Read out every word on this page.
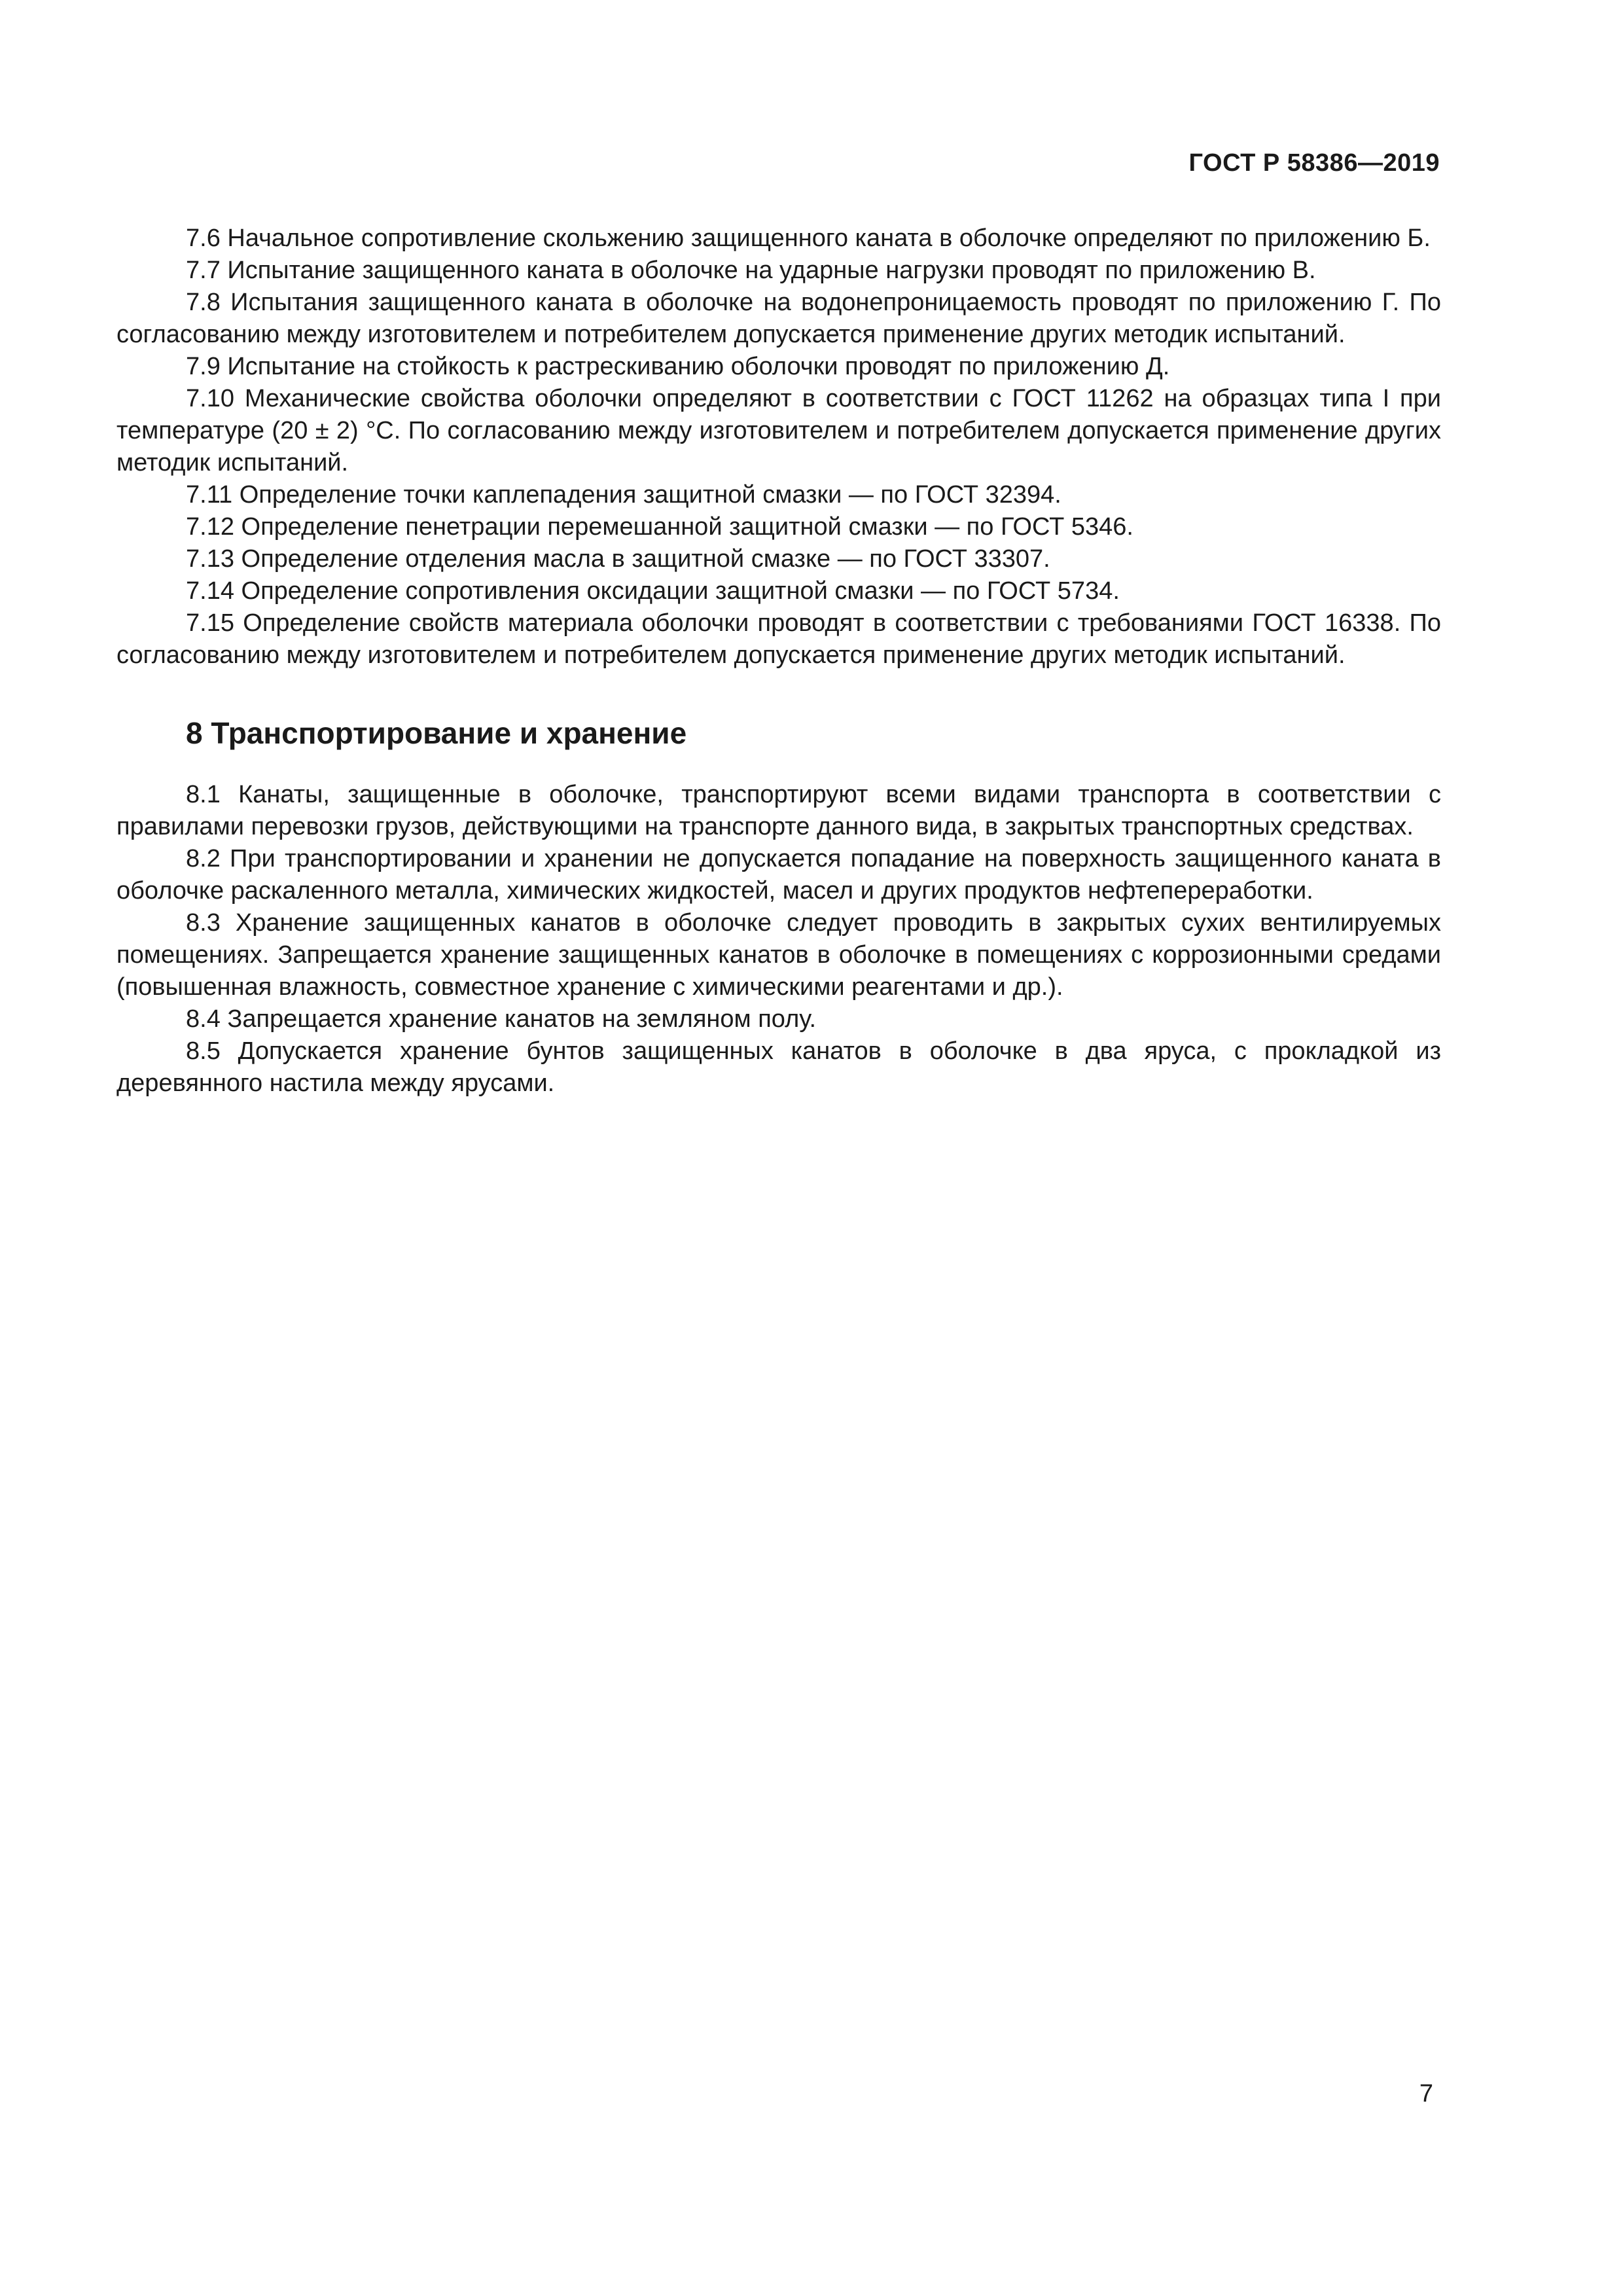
ГОСТ Р 58386—2019

7.6 Начальное сопротивление скольжению защищенного каната в оболочке определяют по приложению Б.

7.7 Испытание защищенного каната в оболочке на ударные нагрузки проводят по приложению В.

7.8 Испытания защищенного каната в оболочке на водонепроницаемость проводят по приложению Г. По согласованию между изготовителем и потребителем допускается применение других методик испытаний.

7.9 Испытание на стойкость к растрескиванию оболочки проводят по приложению Д.

7.10 Механические свойства оболочки определяют в соответствии с ГОСТ 11262 на образцах типа I при температуре (20 ± 2) °С. По согласованию между изготовителем и потребителем допускается применение других методик испытаний.

7.11 Определение точки каплепадения защитной смазки — по ГОСТ 32394.

7.12 Определение пенетрации перемешанной защитной смазки — по ГОСТ 5346.

7.13 Определение отделения масла в защитной смазке — по ГОСТ 33307.

7.14 Определение сопротивления оксидации защитной смазки — по ГОСТ 5734.

7.15 Определение свойств материала оболочки проводят в соответствии с требованиями ГОСТ 16338. По согласованию между изготовителем и потребителем допускается применение других методик испытаний.

8 Транспортирование и хранение

8.1 Канаты, защищенные в оболочке, транспортируют всеми видами транспорта в соответствии с правилами перевозки грузов, действующими на транспорте данного вида, в закрытых транспортных средствах.

8.2 При транспортировании и хранении не допускается попадание на поверхность защищенного каната в оболочке раскаленного металла, химических жидкостей, масел и других продуктов нефтепереработки.

8.3 Хранение защищенных канатов в оболочке следует проводить в закрытых сухих вентилируемых помещениях. Запрещается хранение защищенных канатов в оболочке в помещениях с коррозионными средами (повышенная влажность, совместное хранение с химическими реагентами и др.).

8.4 Запрещается хранение канатов на земляном полу.

8.5 Допускается хранение бунтов защищенных канатов в оболочке в два яруса, с прокладкой из деревянного настила между ярусами.

7
